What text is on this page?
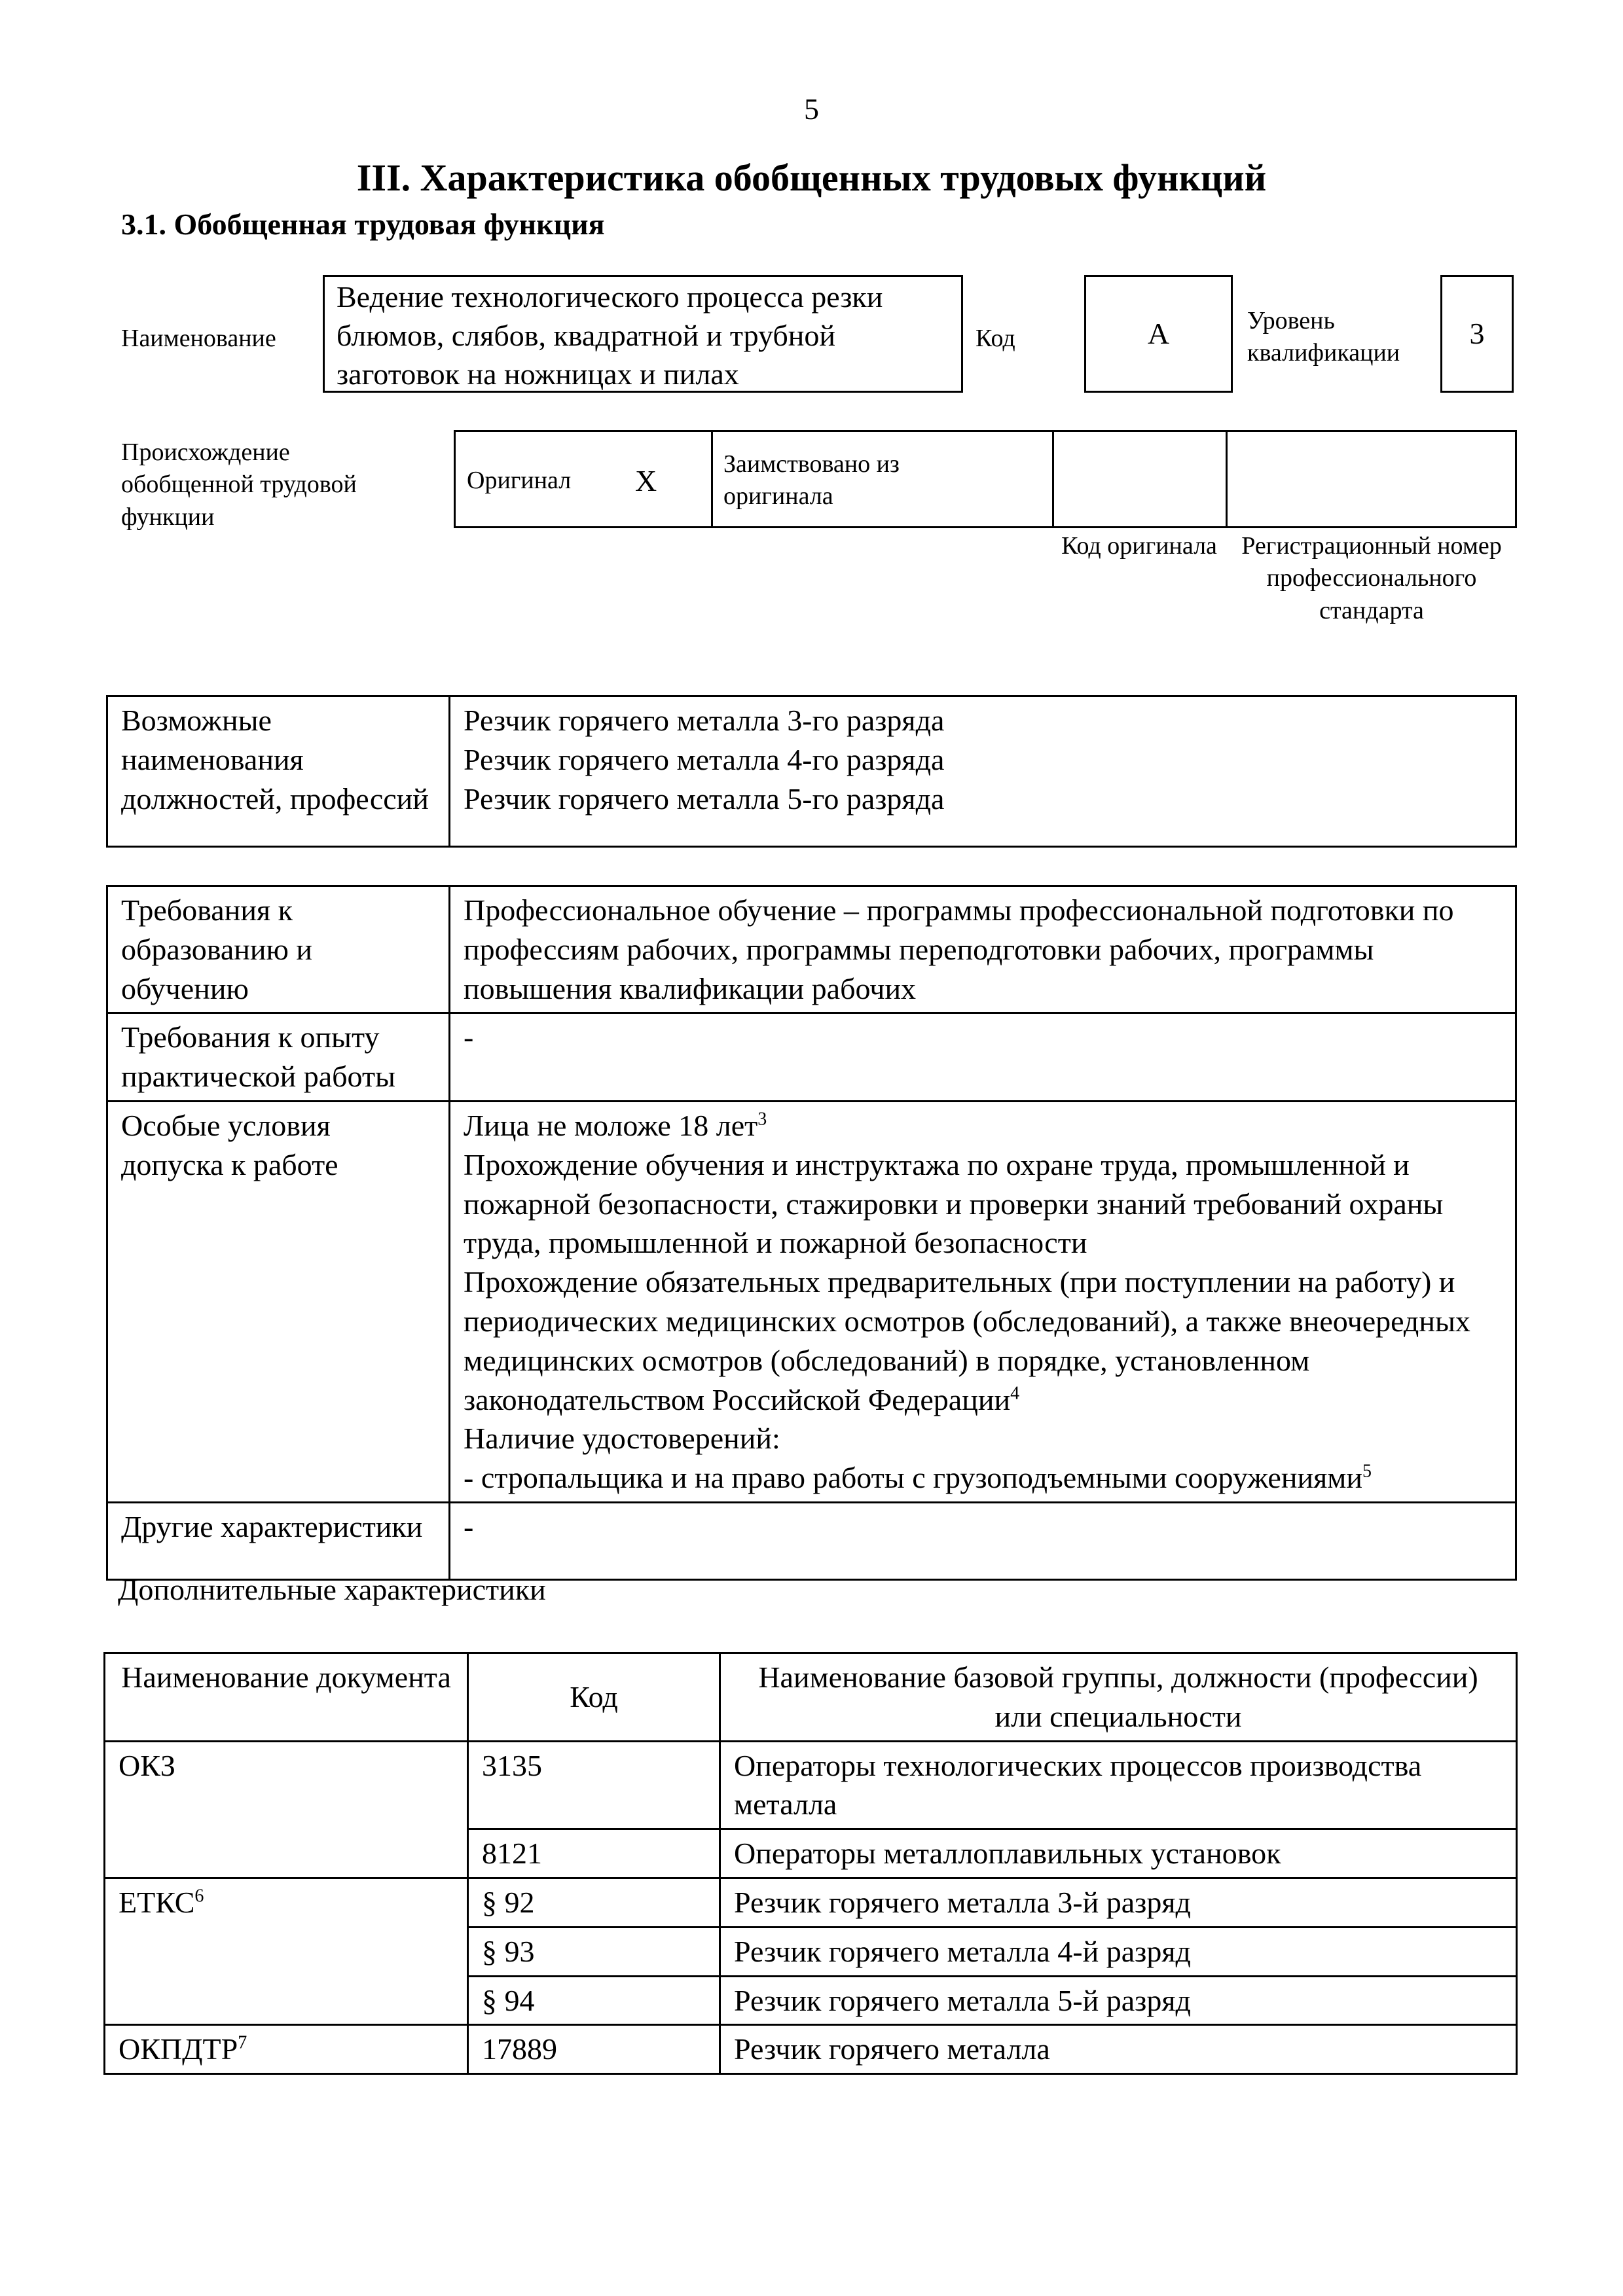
5
III. Характеристика обобщенных трудовых функций
3.1. Обобщенная трудовая функция
Наименование
Ведение технологического процесса резки блюмов, слябов, квадратной и трубной заготовок на ножницах и пилах
Код	А	Уровень квалификации
3
Происхождение обобщенной трудовой функции
Оригинал Х	Заимствовано из оригинала
Код оригинала Регистрационный номер профессионального стандарта
Возможные наименования должностей, профессий	
Резчик горячего металла 3-го разряда
Резчик горячего металла 4-го разряда
Резчик горячего металла 5-го разряда
Требования к образованию и обучению	Профессиональное обучение – программы профессиональной подготовки по профессиям рабочих, программы переподготовки рабочих, программы повышения квалификации рабочих
Требования к опыту практической работы	-
Особые условия допуска к работе	Лица не моложе 18 лет$^3$
Прохождение обучения и инструктажа по охране труда, промышленной и пожарной безопасности, стажировки и проверки знаний требований охраны труда, промышленной и пожарной безопасности
Прохождение обязательных предварительных (при поступлении на работу) и периодических медицинских осмотров (обследований), а также внеочередных медицинских осмотров (обследований) в порядке, установленном законодательством Российской Федерации$^4$
Наличие удостоверений:
- стропальщика и на право работы с грузоподъемными сооружениями$^5$

Другие характеристики	-
Дополнительные характеристики
Наименование документа	Код	Наименование базовой группы, должности (профессии) или специальности
ОКЗ	3135	Операторы технологических процессов производства металла
	8121	Операторы металлоплавильных установок
ЕТКС$^6$	§ 92	Резчик горячего металла 3-й разряд
	§ 93	Резчик горячего металла 4-й разряд
	§ 94	Резчик горячего металла 5-й разряд
ОКПДТР$^7$	17889	Резчик горячего металла
